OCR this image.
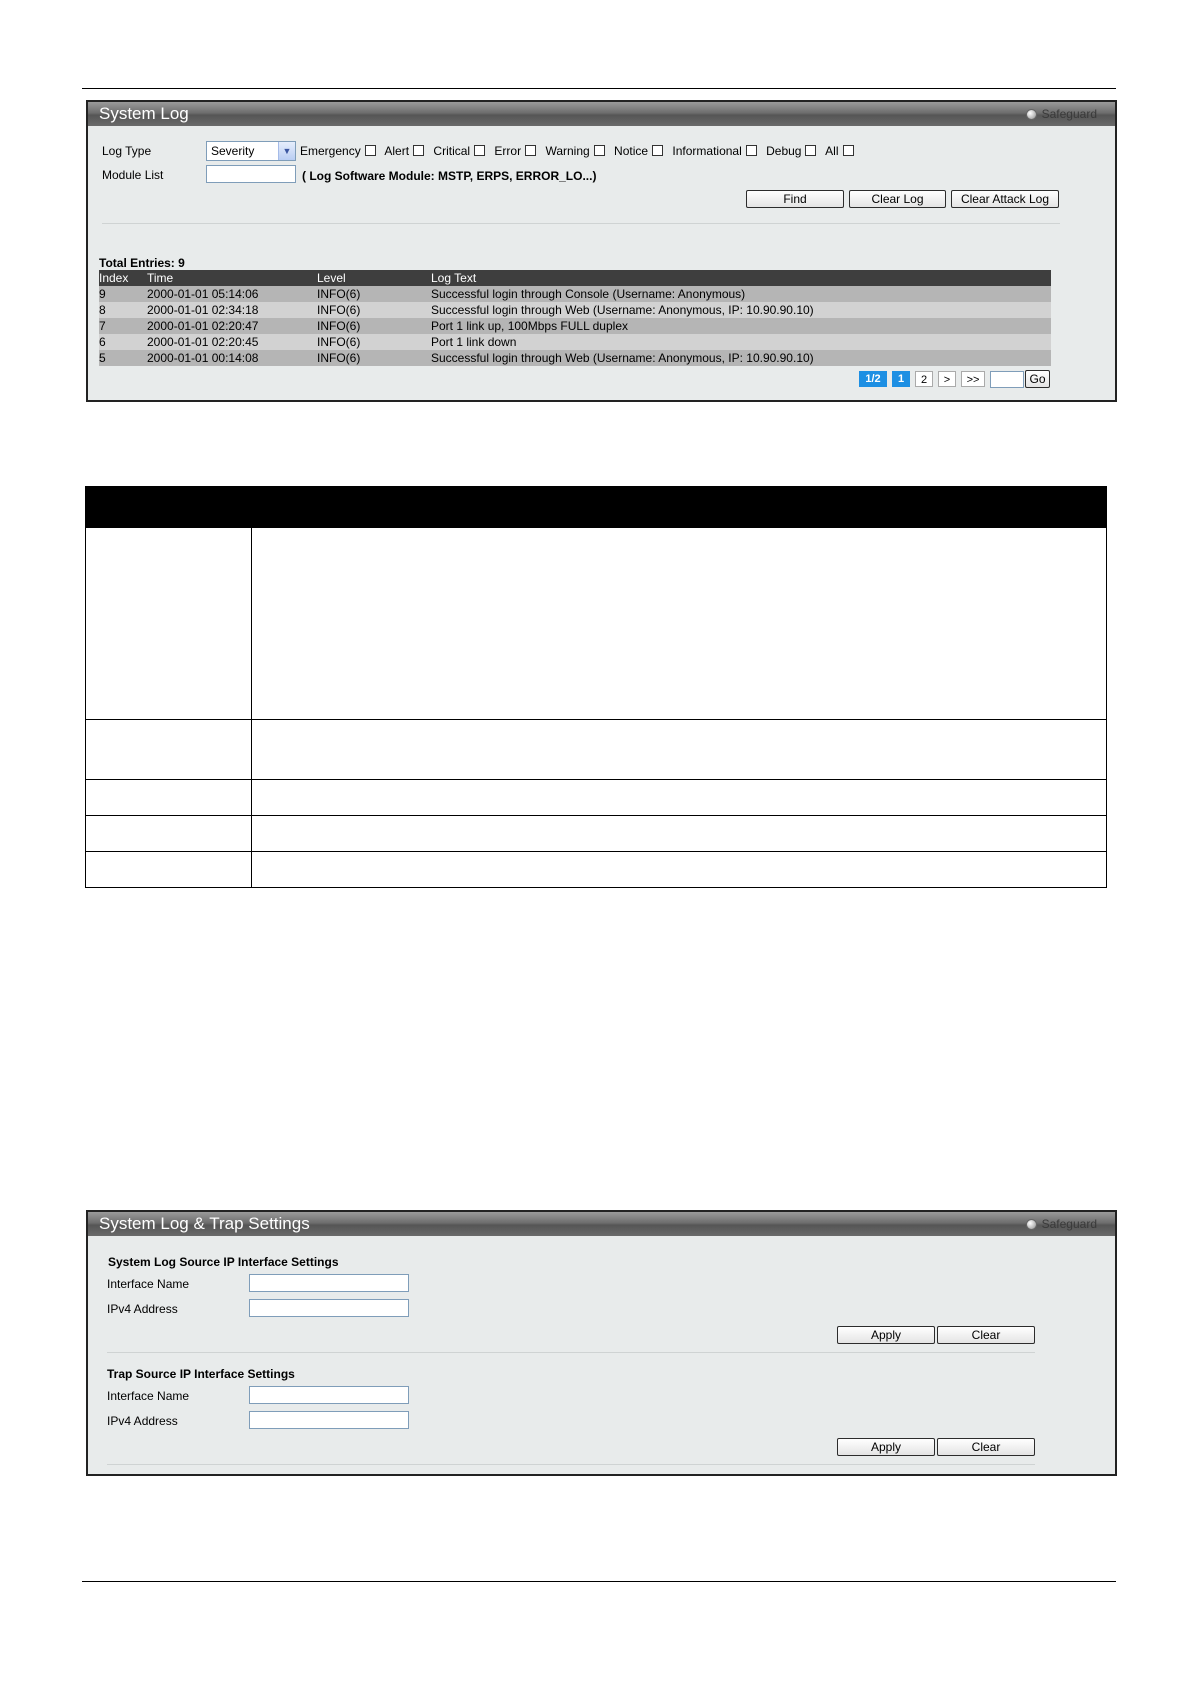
System Log	Safeguard
Log Type	Severity	▼ Emergency Alert Critical Error Warning Notice Informational Debug All
Module List	( Log Software Module: MSTP, ERPS, ERROR_LO...)
Find	Clear Log	Clear Attack Log
Total Entries: 9
Index Time	Level	Log Text
9	2000-01-01 05:14:06	INFO(6)	Successful login through Console (Username: Anonymous)
8	2000-01-01 02:34:18	INFO(6)	Successful login through Web (Username: Anonymous, IP: 10.90.90.10)
7	2000-01-01 02:20:47	INFO(6)	Port 1 link up, 100Mbps FULL duplex
6	2000-01-01 02:20:45	INFO(6)	Port 1 link down
5	2000-01-01 00:14:08	INFO(6)	Successful login through Web (Username: Anonymous, IP: 10.90.90.10)
1/2	1	2	>	>>	Go
System Log & Trap Settings	Safeguard
System Log Source IP Interface Settings
Interface Name
IPv4 Address
Apply	Clear
Trap Source IP Interface Settings
Interface Name
IPv4 Address
Apply	Clear
